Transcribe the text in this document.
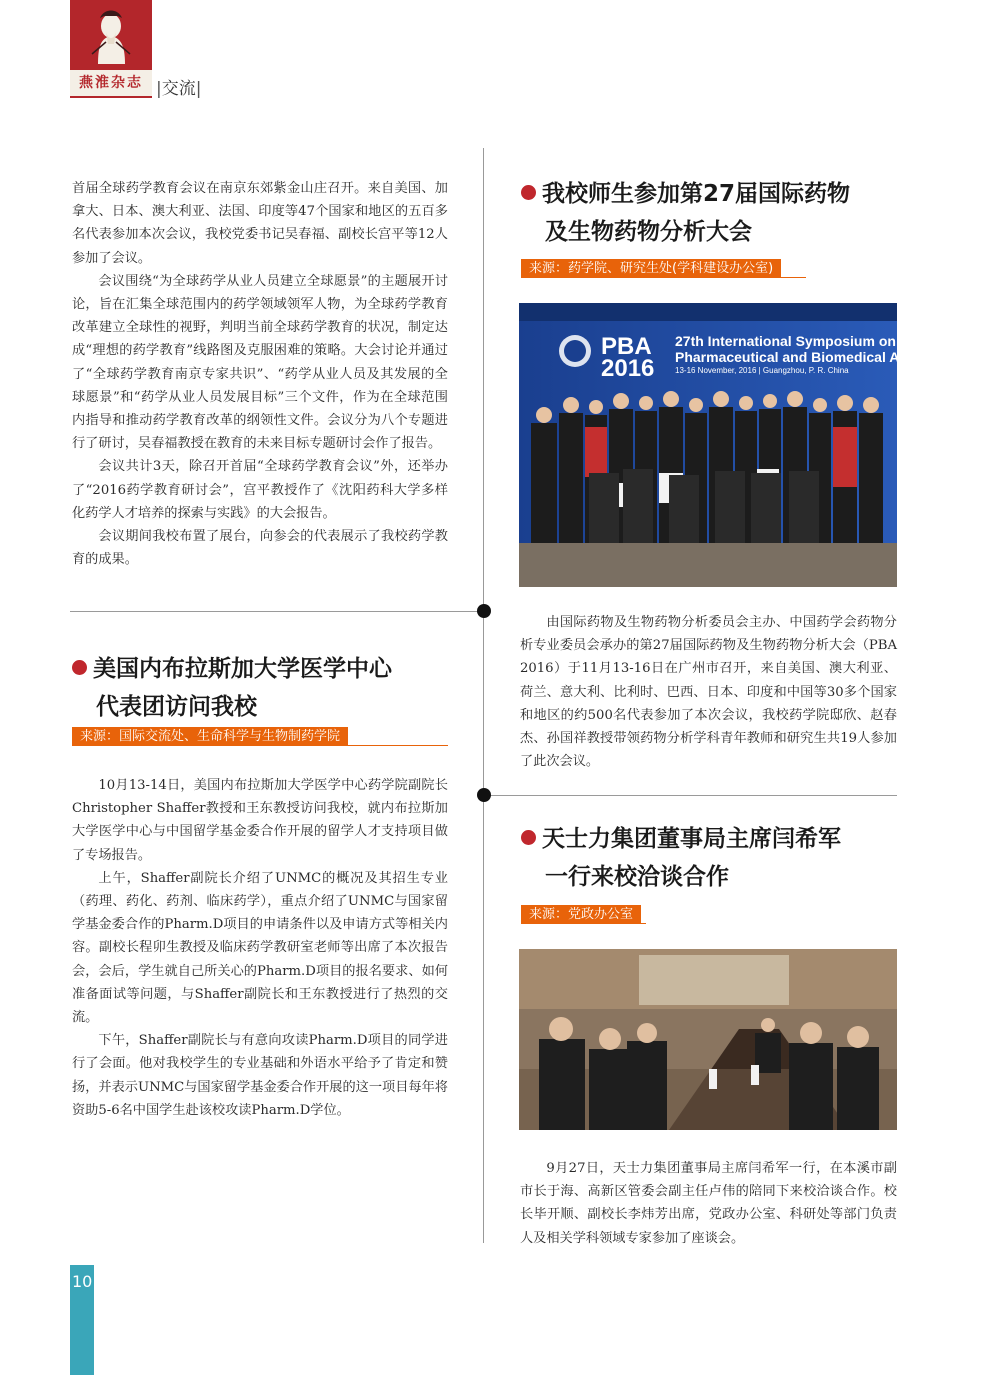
燕淮杂志 |交流|

首届全球药学教育会议在南京东郊紫金山庄召开。来自美国、加拿大、日本、澳大利亚、法国、印度等47个国家和地区的五百多名代表参加本次会议，我校党委书记吴春福、副校长宫平等12人参加了会议。

会议围绕“为全球药学从业人员建立全球愿景”的主题展开讨论，旨在汇集全球范围内的药学领域领军人物，为全球药学教育改革建立全球性的视野，判明当前全球药学教育的状况，制定达成“理想的药学教育”线路图及克服困难的策略。大会讨论并通过了“全球药学教育南京专家共识”、“药学从业人员及其发展的全球愿景”和“药学从业人员发展目标”三个文件，作为在全球范围内指导和推动药学教育改革的纲领性文件。会议分为八个专题进行了研讨，吴春福教授在教育的未来目标专题研讨会作了报告。

会议共计3天，除召开首届“全球药学教育会议”外，还举办了“2016药学教育研讨会”，宫平教授作了《沈阳药科大学多样化药学人才培养的探索与实践》的大会报告。

会议期间我校布置了展台，向参会的代表展示了我校药学教育的成果。

我校师生参加第27届国际药物
及生物药物分析大会
来源：药学院、研究生处(学科建设办公室)
PBA
2016
27th International Symposium on
Pharmaceutical and Biomedical Analysis
13-16 November, 2016 | Guangzhou, P. R. China

由国际药物及生物药物分析委员会主办、中国药学会药物分析专业委员会承办的第27届国际药物及生物药物分析大会（PBA 2016）于11月13-16日在广州市召开，来自美国、澳大利亚、荷兰、意大利、比利时、巴西、日本、印度和中国等30多个国家和地区的约500名代表参加了本次会议，我校药学院邸欣、赵春杰、孙国祥教授带领药物分析学科青年教师和研究生共19人参加了此次会议。

美国内布拉斯加大学医学中心
代表团访问我校
来源：国际交流处、生命科学与生物制药学院

10月13-14日，美国内布拉斯加大学医学中心药学院副院长Christopher Shaffer教授和王东教授访问我校，就内布拉斯加大学医学中心与中国留学基金委合作开展的留学人才支持项目做了专场报告。

上午，Shaffer副院长介绍了UNMC的概况及其招生专业（药理、药化、药剂、临床药学），重点介绍了UNMC与国家留学基金委合作的Pharm.D项目的申请条件以及申请方式等相关内容。副校长程卯生教授及临床药学教研室老师等出席了本次报告会，会后，学生就自己所关心的Pharm.D项目的报名要求、如何准备面试等问题，与Shaffer副院长和王东教授进行了热烈的交流。

下午，Shaffer副院长与有意向攻读Pharm.D项目的同学进行了会面。他对我校学生的专业基础和外语水平给予了肯定和赞扬，并表示UNMC与国家留学基金委合作开展的这一项目每年将资助5-6名中国学生赴该校攻读Pharm.D学位。

天士力集团董事局主席闫希军
一行来校洽谈合作
来源：党政办公室

9月27日，天士力集团董事局主席闫希军一行，在本溪市副市长于海、高新区管委会副主任卢伟的陪同下来校洽谈合作。校长毕开顺、副校长李炜芳出席，党政办公室、科研处等部门负责人及相关学科领域专家参加了座谈会。

10
